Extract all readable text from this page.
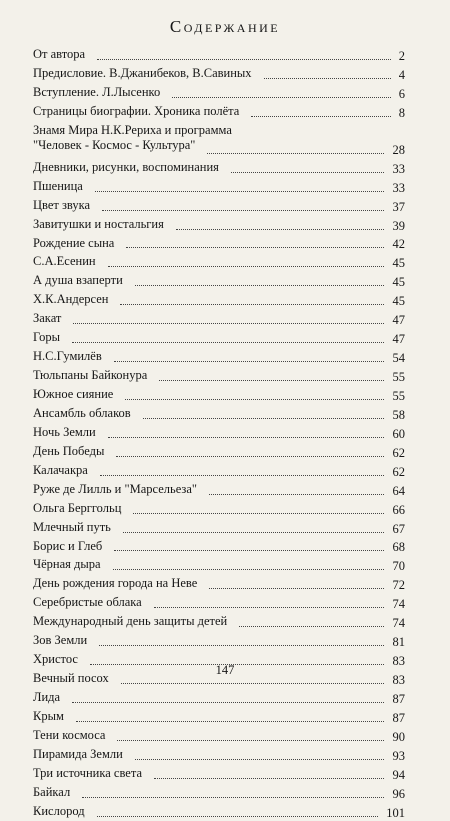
Содержание
От автора	2
Предисловие. В.Джанибеков, В.Савиных	4
Вступление. Л.Лысенко	6
Страницы биографии. Хроника полёта	8
Знамя Мира Н.К.Рериха и программа
"Человек - Космос - Культура"	28
Дневники, рисунки, воспоминания	33
Пшеница	33
Цвет звука	37
Завитушки и ностальгия	39
Рождение сына	42
С.А.Есенин	45
А душа взаперти	45
Х.К.Андерсен	45
Закат	47
Горы	47
Н.С.Гумилёв	54
Тюльпаны Байконура	55
Южное сияние	55
Ансамбль облаков	58
Ночь Земли	60
День Победы	62
Калачакра	62
Руже де Лилль и "Марсельеза"	64
Ольга Берггольц	66
Млечный путь	67
Борис и Глеб	68
Чёрная дыра	70
День рождения города на Неве	72
Серебристые облака	74
Международный день защиты детей	74
Зов Земли	81
Христос	83
Вечный посох	83
Лида	87
Крым	87
Тени космоса	90
Пирамида Земли	93
Три источника света	94
Байкал	96
Кислород	101
147
